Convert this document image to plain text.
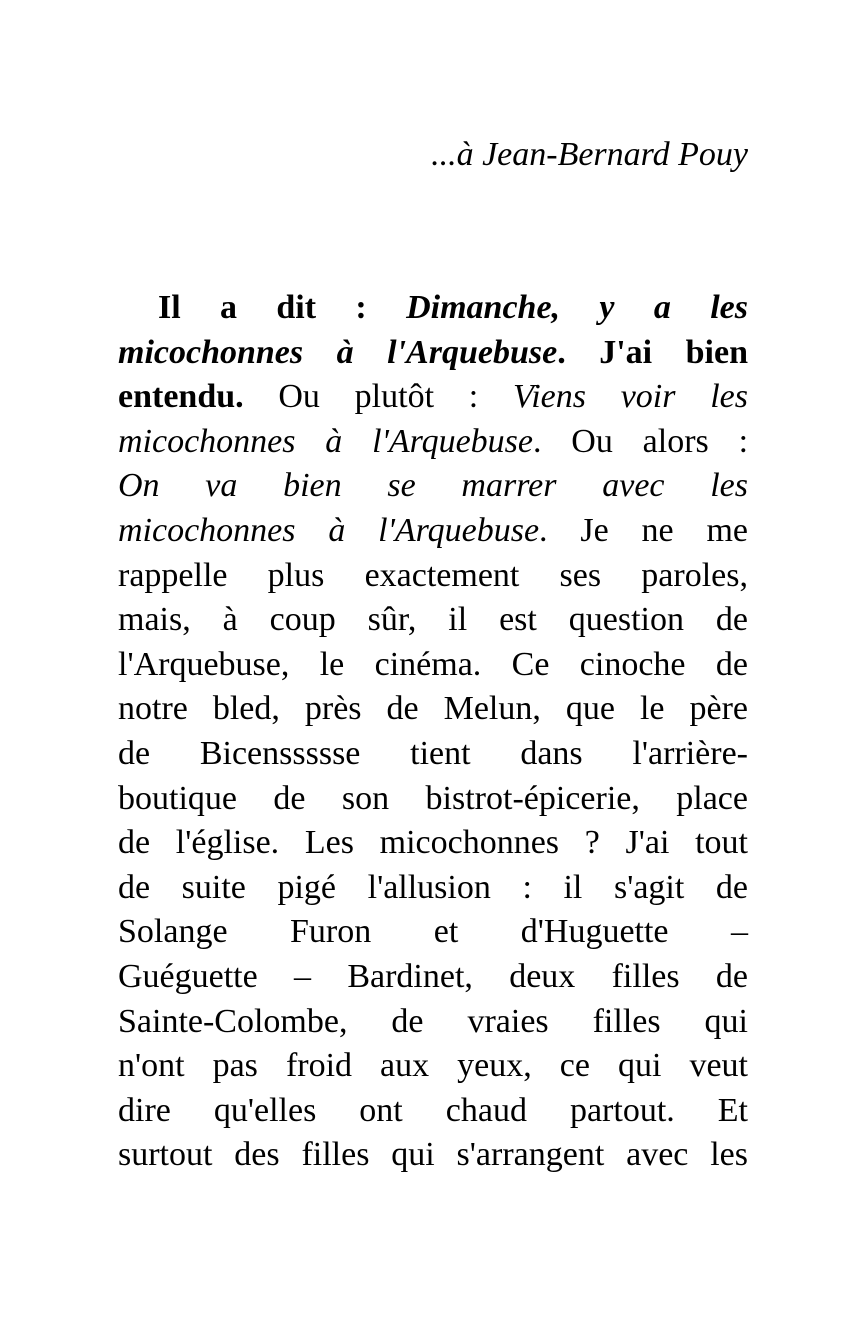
...à Jean-Bernard Pouy

Il a dit : Dimanche, y a les
micochonnes à l'Arquebuse. J'ai bien
entendu. Ou plutôt : Viens voir les
micochonnes à l'Arquebuse. Ou alors :
On va bien se marrer avec les
micochonnes à l'Arquebuse. Je ne me
rappelle plus exactement ses paroles,
mais, à coup sûr, il est question de
l'Arquebuse, le cinéma. Ce cinoche de
notre bled, près de Melun, que le père
de Bicenssssse tient dans l'arrière-
boutique de son bistrot-épicerie, place
de l'église. Les micochonnes ? J'ai tout
de suite pigé l'allusion : il s'agit de
Solange Furon et d'Huguette –
Guéguette – Bardinet, deux filles de
Sainte-Colombe, de vraies filles qui
n'ont pas froid aux yeux, ce qui veut
dire qu'elles ont chaud partout. Et
surtout des filles qui s'arrangent avec les
